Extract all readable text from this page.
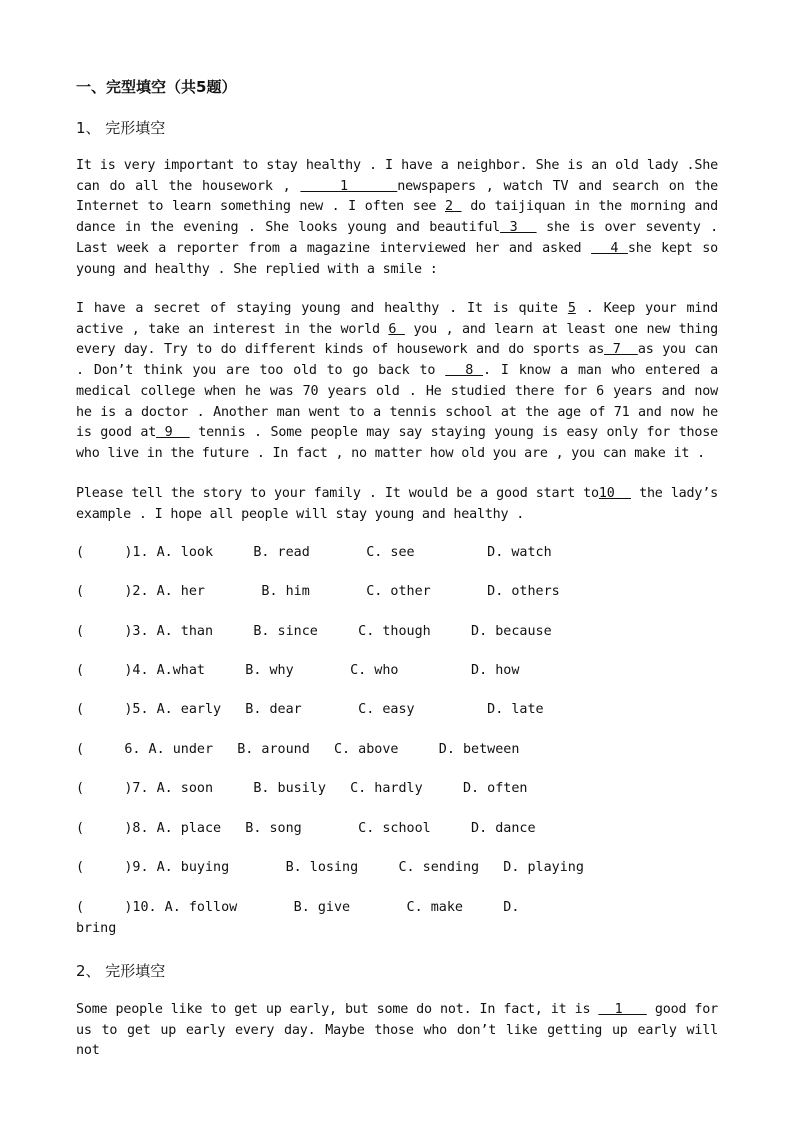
一、完型填空（共5题）
1、 完形填空
It is very important to stay healthy . I have a neighbor. She is an old lady .She can do all the housework ,     1     newspapers , watch TV and search on the Internet to learn something new . I often see 2  do taijiquan in the morning and dance in the evening . She looks young and beautiful 3   she is over seventy . Last week a reporter from a magazine interviewed her and asked   4 she kept so young and healthy . She replied with a smile :
I have a secret of staying young and healthy . It is quite 5 . Keep your mind active , take an interest in the world 6  you , and learn at least one new thing every day. Try to do different kinds of housework and do sports as 7  as you can . Don’t think you are too old to go back to   8 . I know a man who entered a medical college when he was 70 years old . He studied there for 6 years and now he is a doctor . Another man went to a tennis school at the age of 71 and now he is good at 9   tennis . Some people may say staying young is easy only for those who live in the future . In fact , no matter how old you are , you can make it .
Please tell the story to your family . It would be a good start to10   the lady’s example . I hope all people will stay young and healthy .
(     )1. A. look     B. read       C. see         D. watch
(     )2. A. her       B. him       C. other       D. others
(     )3. A. than     B. since     C. though     D. because
(     )4. A.what     B. why       C. who         D. how
(     )5. A. early   B. dear       C. easy         D. late
(     6. A. under   B. around   C. above     D. between
(     )7. A. soon     B. busily   C. hardly     D. often
(     )8. A. place   B. song       C. school     D. dance
(     )9. A. buying       B. losing     C. sending   D. playing
(     )10. A. follow       B. give       C. make     D.
bring
2、 完形填空
Some people like to get up early, but some do not. In fact, it is   1    good for us to get up early every day. Maybe those who don’t like getting up early will not
